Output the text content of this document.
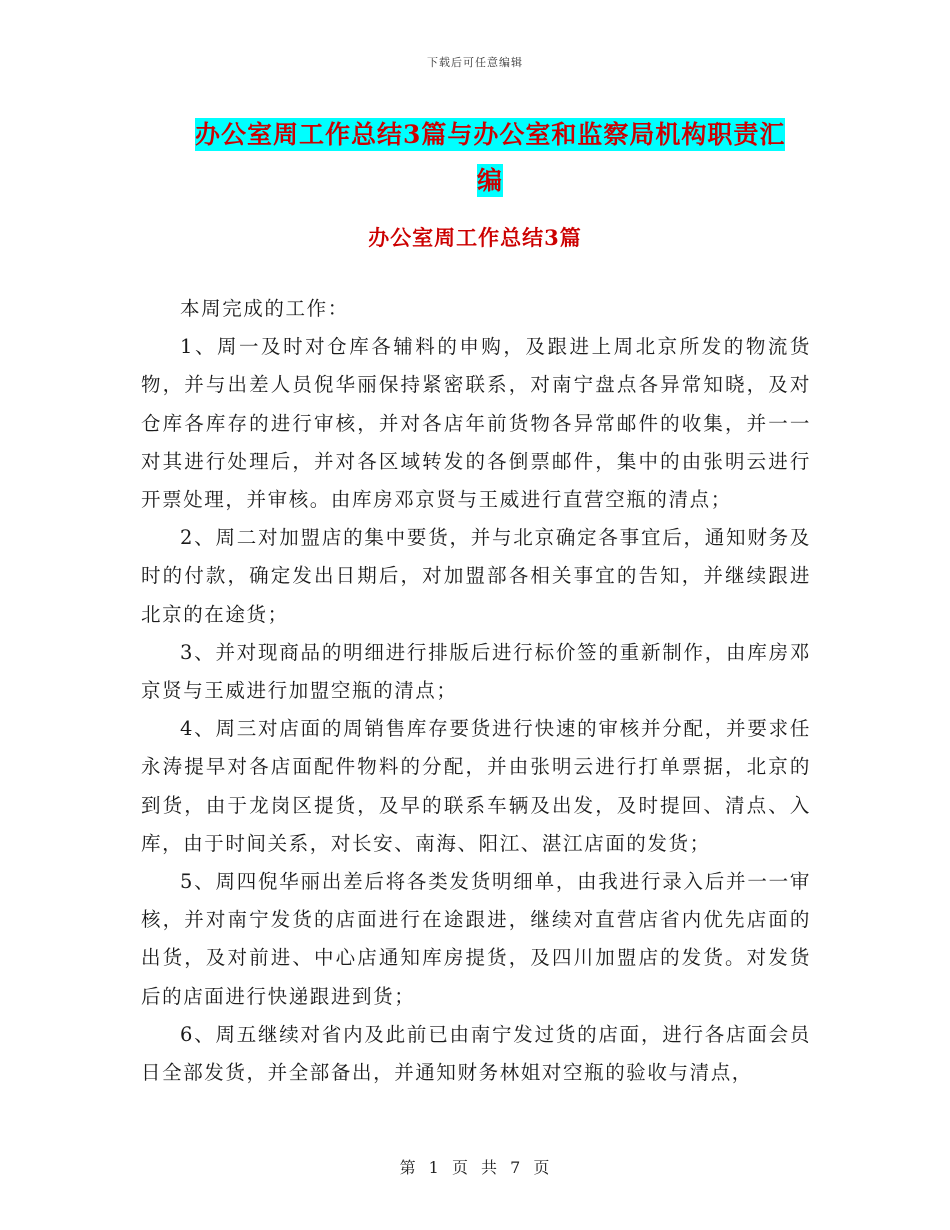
下载后可任意编辑
办公室周工作总结3篇与办公室和监察局机构职责汇
编
办公室周工作总结3篇

本周完成的工作：

1、周一及时对仓库各辅料的申购，及跟进上周北京所发的物流货物，并与出差人员倪华丽保持紧密联系，对南宁盘点各异常知晓，及对仓库各库存的进行审核，并对各店年前货物各异常邮件的收集，并一一对其进行处理后，并对各区域转发的各倒票邮件，集中的由张明云进行开票处理，并审核。由库房邓京贤与王威进行直营空瓶的清点；

2、周二对加盟店的集中要货，并与北京确定各事宜后，通知财务及时的付款，确定发出日期后，对加盟部各相关事宜的告知，并继续跟进北京的在途货；

3、并对现商品的明细进行排版后进行标价签的重新制作，由库房邓京贤与王威进行加盟空瓶的清点；

4、周三对店面的周销售库存要货进行快速的审核并分配，并要求任永涛提早对各店面配件物料的分配，并由张明云进行打单票据，北京的到货，由于龙岗区提货，及早的联系车辆及出发，及时提回、清点、入库，由于时间关系，对长安、南海、阳江、湛江店面的发货；

5、周四倪华丽出差后将各类发货明细单，由我进行录入后并一一审核，并对南宁发货的店面进行在途跟进，继续对直营店省内优先店面的出货，及对前进、中心店通知库房提货，及四川加盟店的发货。对发货后的店面进行快递跟进到货；

6、周五继续对省内及此前已由南宁发过货的店面，进行各店面会员日全部发货，并全部备出，并通知财务林姐对空瓶的验收与清点，

第 1 页 共 7 页
